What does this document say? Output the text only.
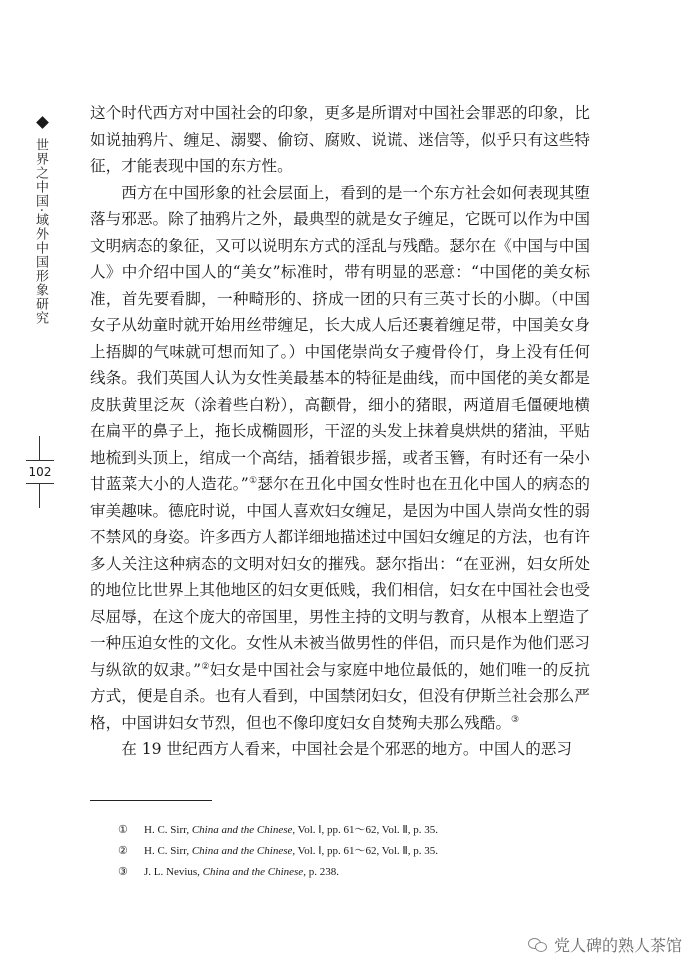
世界之中国·域外中国形象研究
102

这个时代西方对中国社会的印象，更多是所谓对中国社会罪恶的印象，比如说抽鸦片、缠足、溺婴、偷窃、腐败、说谎、迷信等，似乎只有这些特征，才能表现中国的东方性。

西方在中国形象的社会层面上，看到的是一个东方社会如何表现其堕落与邪恶。除了抽鸦片之外，最典型的就是女子缠足，它既可以作为中国文明病态的象征，又可以说明东方式的淫乱与残酷。瑟尔在《中国与中国人》中介绍中国人的“美女”标准时，带有明显的恶意：“中国佬的美女标准，首先要看脚，一种畸形的、挤成一团的只有三英寸长的小脚。（中国女子从幼童时就开始用丝带缠足，长大成人后还裹着缠足带，中国美女身上捂脚的气味就可想而知了。）中国佬崇尚女子瘦骨伶仃，身上没有任何线条。我们英国人认为女性美最基本的特征是曲线，而中国佬的美女都是皮肤黄里泛灰（涂着些白粉），高颧骨，细小的猪眼，两道眉毛僵硬地横在扁平的鼻子上，拖长成椭圆形，干涩的头发上抹着臭烘烘的猪油，平贴地梳到头顶上，绾成一个高结，插着银步摇，或者玉簪，有时还有一朵小甘蓝菜大小的人造花。”①瑟尔在丑化中国女性时也在丑化中国人的病态的审美趣味。德庇时说，中国人喜欢妇女缠足，是因为中国人崇尚女性的弱不禁风的身姿。许多西方人都详细地描述过中国妇女缠足的方法，也有许多人关注这种病态的文明对妇女的摧残。瑟尔指出：“在亚洲，妇女所处的地位比世界上其他地区的妇女更低贱，我们相信，妇女在中国社会也受尽屈辱，在这个庞大的帝国里，男性主持的文明与教育，从根本上塑造了一种压迫女性的文化。女性从未被当做男性的伴侣，而只是作为他们恶习与纵欲的奴隶。”②妇女是中国社会与家庭中地位最低的，她们唯一的反抗方式，便是自杀。也有人看到，中国禁闭妇女，但没有伊斯兰社会那么严格，中国讲妇女节烈，但也不像印度妇女自焚殉夫那么残酷。③

在 19 世纪西方人看来，中国社会是个邪恶的地方。中国人的恶习

①	H. C. Sirr, China and the Chinese, Vol. Ⅰ, pp. 61～62, Vol. Ⅱ, p. 35.
②	H. C. Sirr, China and the Chinese, Vol. Ⅰ, pp. 61～62, Vol. Ⅱ, p. 35.
③	J. L. Nevius, China and the Chinese, p. 238.
党人碑的熟人茶馆
